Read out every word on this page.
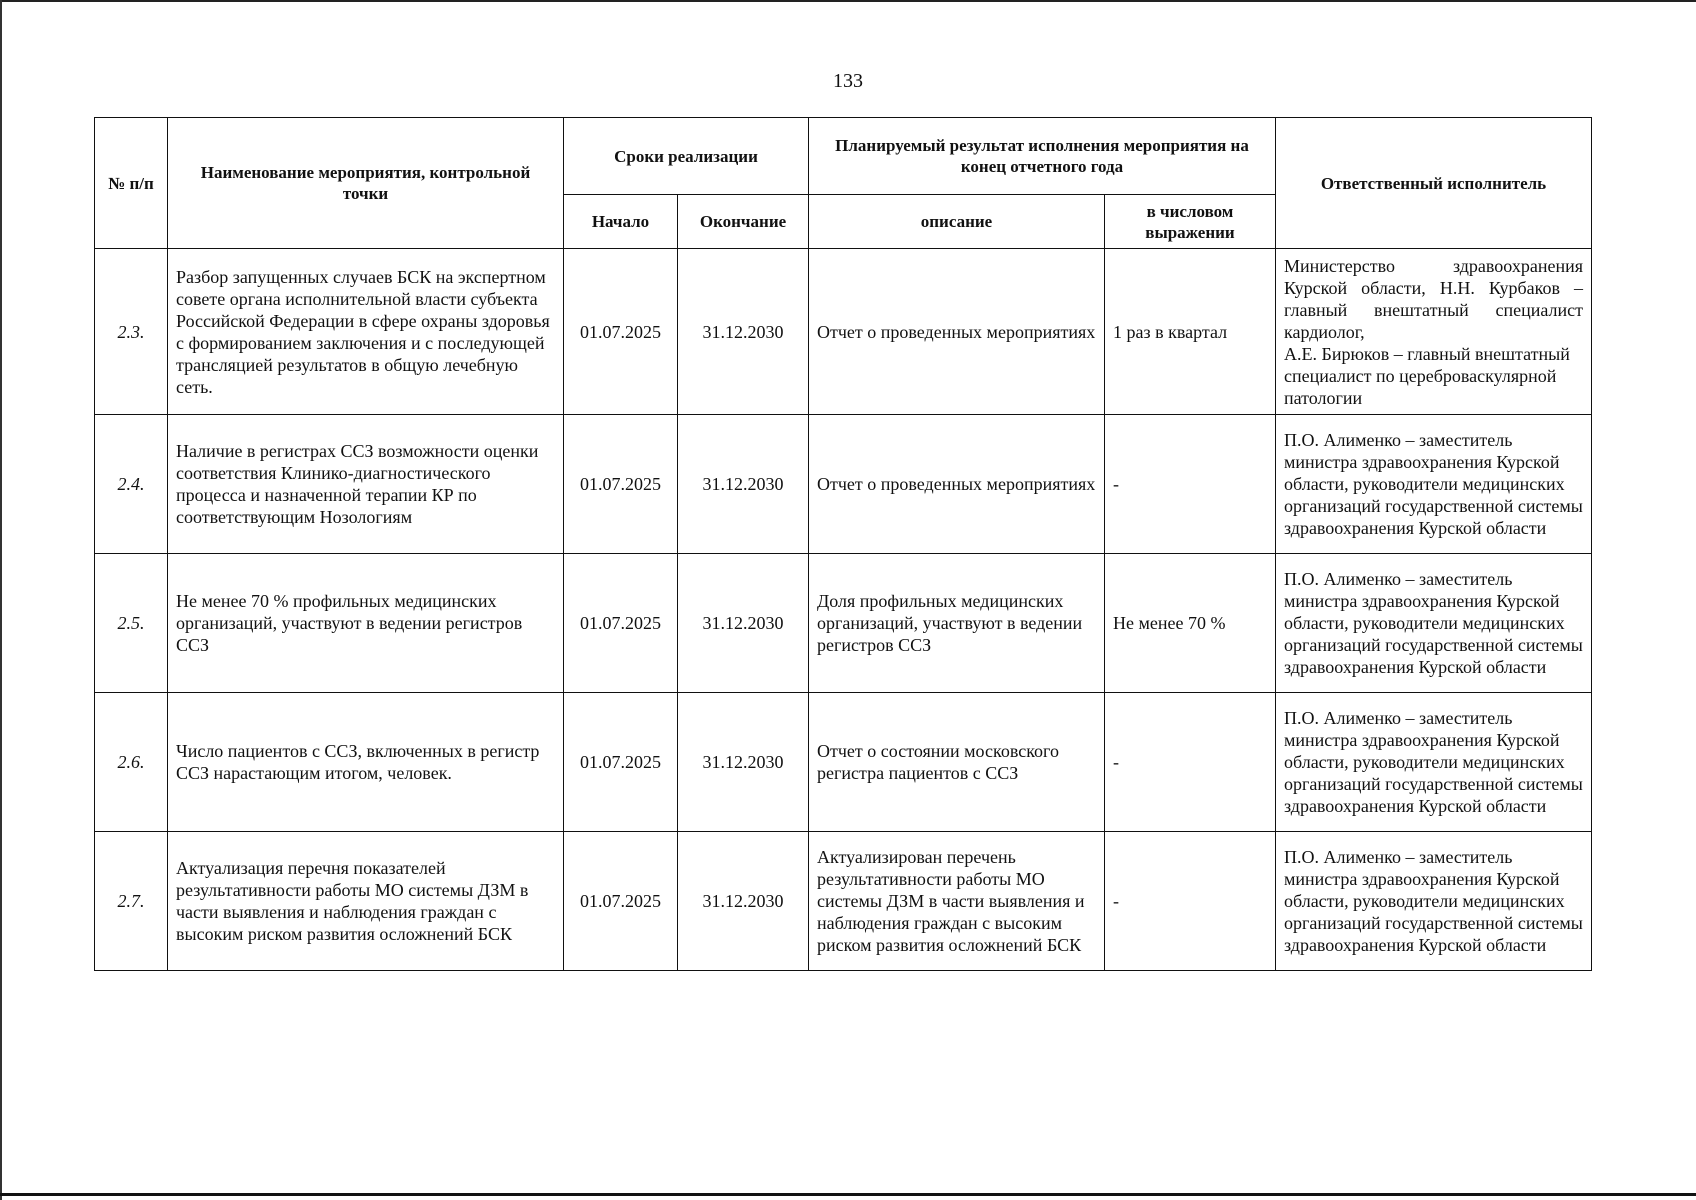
133
№ п/п	Наименование мероприятия, контрольной точки	Сроки реализации		Планируемый результат исполнения мероприятия на конец отчетного года		Ответственный исполнитель
		Начало	Окончание	описание	в числовом выражении	
2.3.	Разбор запущенных случаев БСК на экспертном совете органа исполнительной власти субъекта Российской Федерации в сфере охраны здоровья с формированием заключения и с последующей трансляцией результатов в общую лечебную сеть.	01.07.2025	31.12.2030	Отчет о проведенных мероприятиях	1 раз в квартал	Министерство здравоохранения Курской области, Н.Н. Курбаков – главный внештатный специалист кардиолог,
А.Е. Бирюков – главный внештатный специалист по цереброваскулярной патологии

2.4.	Наличие в регистрах ССЗ возможности оценки соответствия Клинико-диагностического процесса и назначенной терапии КР по соответствующим Нозологиям	01.07.2025	31.12.2030	Отчет о проведенных мероприятиях	-	П.О. Алименко – заместитель министра здравоохранения Курской области, руководители медицинских организаций государственной системы здравоохранения Курской области
2.5.	Не менее 70 % профильных медицинских организаций, участвуют в ведении регистров ССЗ	01.07.2025	31.12.2030	Доля профильных медицинских организаций, участвуют в ведении регистров ССЗ	Не менее 70 %	П.О. Алименко – заместитель министра здравоохранения Курской области, руководители медицинских организаций государственной системы здравоохранения Курской области
2.6.	Число пациентов с ССЗ, включенных в регистр ССЗ нарастающим итогом, человек.	01.07.2025	31.12.2030	Отчет о состоянии московского регистра пациентов с ССЗ	-	П.О. Алименко – заместитель министра здравоохранения Курской области, руководители медицинских организаций государственной системы здравоохранения Курской области
2.7.	Актуализация перечня показателей результативности работы МО системы ДЗМ в части выявления и наблюдения граждан с высоким риском развития осложнений БСК	01.07.2025	31.12.2030	Актуализирован перечень результативности работы МО системы ДЗМ в части выявления и наблюдения граждан с высоким риском развития осложнений БСК	-	П.О. Алименко – заместитель министра здравоохранения Курской области, руководители медицинских организаций государственной системы здравоохранения Курской области
